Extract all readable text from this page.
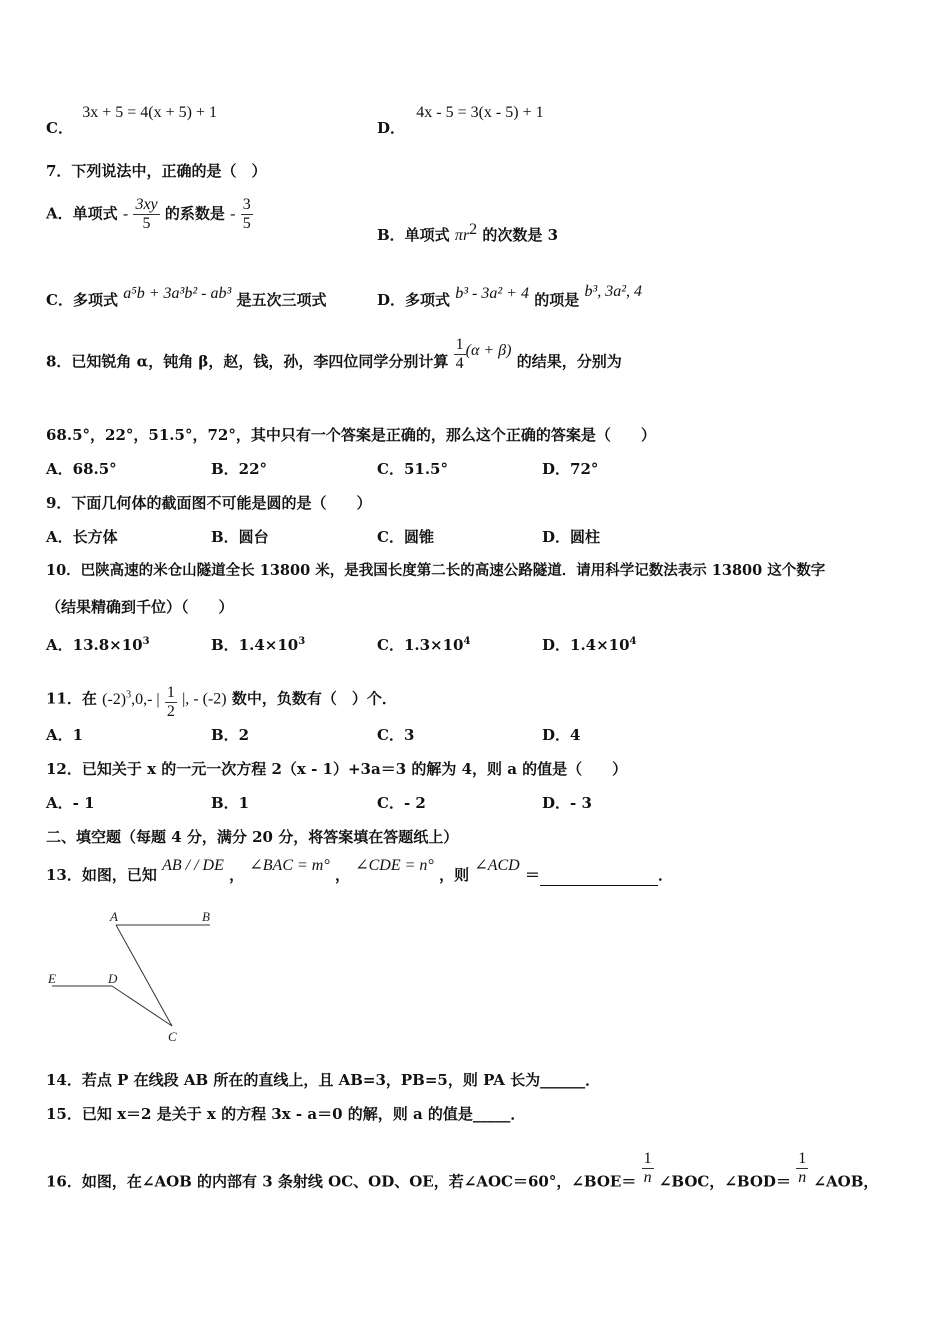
C． 3x + 5 = 4(x + 5) + 1
D． 4x - 5 = 3(x - 5) + 1
7．下列说法中，正确的是（　）
A．单项式 - $\frac{3xy}{5}$ 的系数是 - $\frac{3}{5}$
B．单项式 $\pi r^2$ 的次数是 3
C．多项式 a⁵b + 3a³b² - ab³ 是五次三项式	D．多项式 b³ - 3a² + 4 的项是 b³, 3a², 4
8．已知锐角 α，钝角 β，赵，钱，孙，李四位同学分别计算 $\frac{1}{4} (\alpha + \beta)$ 的结果，分别为
68.5°，22°，51.5°，72°，其中只有一个答案是正确的，那么这个正确的答案是（　　）
A．68.5°	B．22°	C．51.5°	D．72°
9．下面几何体的截面图不可能是圆的是（　　）
A．长方体	B．圆台	C．圆锥	D．圆柱
10．巴陕高速的米仓山隧道全长 13800 米，是我国长度第二长的高速公路隧道．请用科学记数法表示 13800 这个数字
（结果精确到千位）（　　）
A．$13.8\times 10^3$	B．$1.4\times 10^3$	C．$1.3\times 10^4$	D．$1.4\times 10^4$
11．在 $(-2)^3,0,-$ | $\frac{1}{2}$ |, - (-2) 数中，负数有（　）个．
A．1	B．2	C．3	D．4
12．已知关于 x 的一元一次方程 2（x - 1）+3a＝3 的解为 4，则 a 的值是（　　）
A．- 1	B．1	C．- 2	D．- 3
二、填空题（每题 4 分，满分 20 分，将答案填在答题纸上）
13．如图，已知 AB / / DE ， ∠BAC = m° ， ∠CDE = n° ，则 ∠ACD ＝	．
A	B
E	D
C
14．若点 P 在线段 AB 所在的直线上，且 AB=3，PB=5，则 PA 长为______．
15．已知 x＝2 是关于 x 的方程 3x - a＝0 的解，则 a 的值是_____．
16．如图，在∠AOB 的内部有 3 条射线 OC、OD、OE，若∠AOC＝60°，∠BOE＝ $\frac{1}{n}$ ∠BOC，∠BOD＝ $\frac{1}{n}$ ∠AOB，
